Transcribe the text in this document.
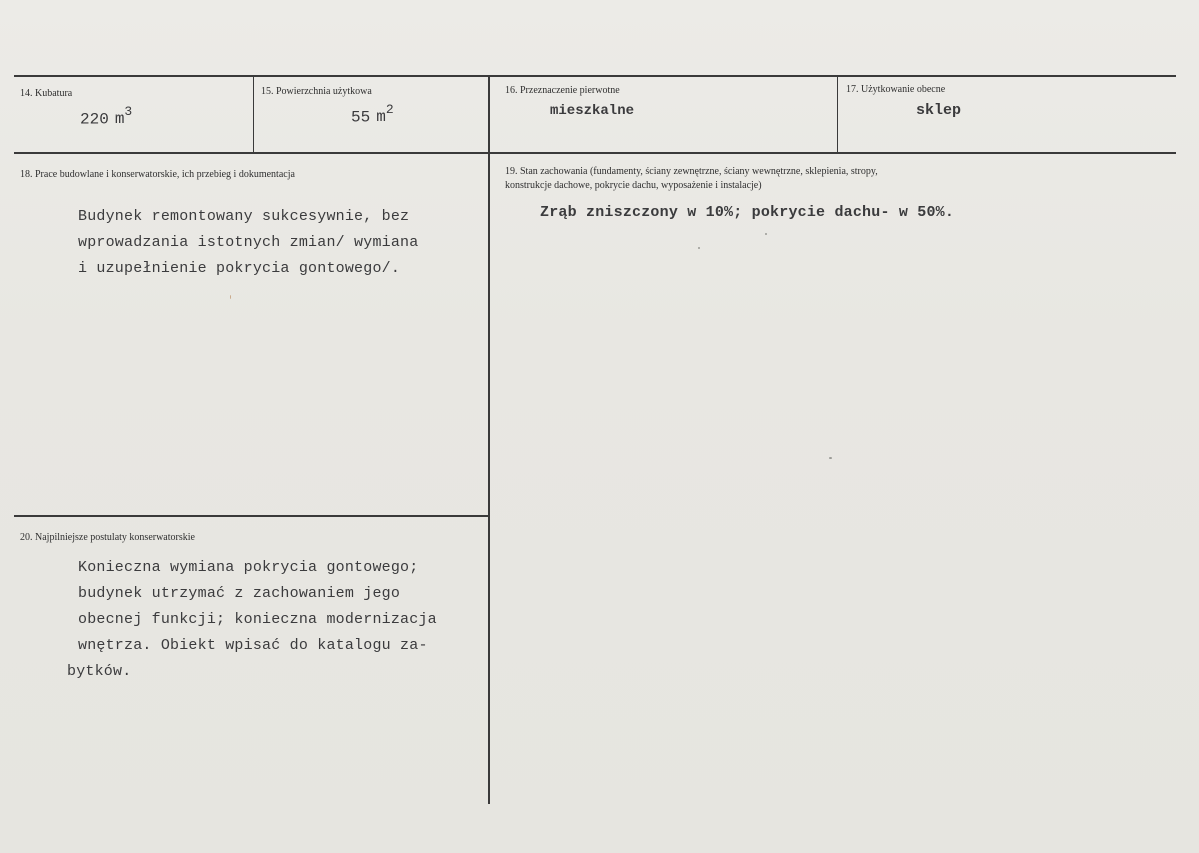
14. Kubatura
220 $m^3$
15. Powierzchnia użytkowa
55 $m^2$
16. Przeznaczenie pierwotne
mieszkalne
17. Użytkowanie obecne
sklep
18. Prace budowlane i konserwatorskie, ich przebieg i dokumentacja
Budynek remontowany sukcesywnie, bez
wprowadzania istotnych zmian/ wymiana
i uzupełnienie pokrycia gontowego/.
19. Stan zachowania (fundamenty, ściany zewnętrzne, ściany wewnętrzne, sklepienia, stropy,
konstrukcje dachowe, pokrycie dachu, wyposażenie i instalacje)
Zrąb zniszczony w 10%; pokrycie dachu- w 50%.
20. Najpilniejsze postulaty konserwatorskie
Konieczna wymiana pokrycia gontowego;
budynek utrzymać z zachowaniem jego
obecnej funkcji; konieczna modernizacja
wnętrza. Obiekt wpisać do katalogu za-
bytków.
